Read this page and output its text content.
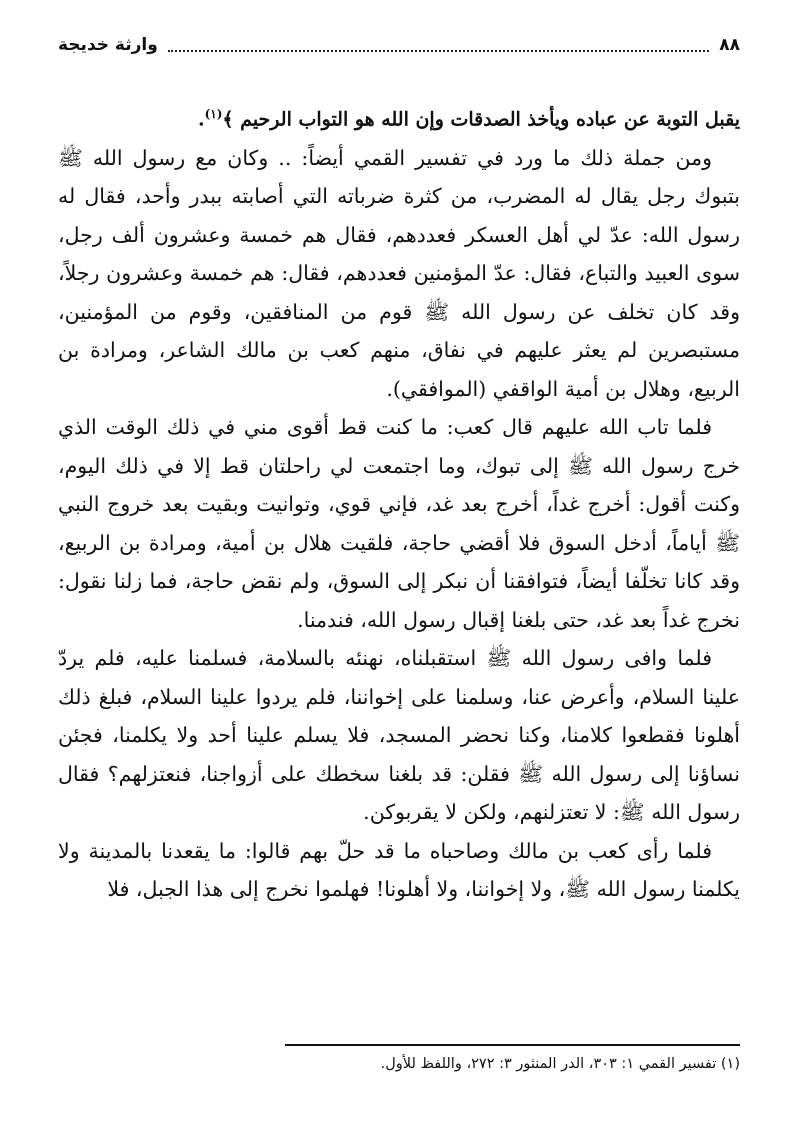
٨٨
وارثة خديجة

يقبل التوبة عن عباده ويأخذ الصدقات وإن الله هو التواب الرحيم ﴾$^{(١)}$.

ومن جملة ذلك ما ورد في تفسير القمي أيضاً: .. وكان مع رسول الله ﷺ بتبوك رجل يقال له المضرب، من كثرة ضرباته التي أصابته ببدر وأحد، فقال له رسول الله: عدّ لي أهل العسكر فعددهم، فقال هم خمسة وعشرون ألف رجل، سوى العبيد والتباع، فقال: عدّ المؤمنين فعددهم، فقال: هم خمسة وعشرون رجلاً، وقد كان تخلف عن رسول الله ﷺ قوم من المنافقين، وقوم من المؤمنين، مستبصرين لم يعثر عليهم في نفاق، منهم كعب بن مالك الشاعر، ومرادة بن الربيع، وهلال بن أمية الواقفي (الموافقي).

فلما تاب الله عليهم قال كعب: ما كنت قط أقوى مني في ذلك الوقت الذي خرج رسول الله ﷺ إلى تبوك، وما اجتمعت لي راحلتان قط إلا في ذلك اليوم، وكنت أقول: أخرج غداً، أخرج بعد غد، فإني قوي، وتوانيت وبقيت بعد خروج النبي ﷺ أياماً، أدخل السوق فلا أقضي حاجة، فلقيت هلال بن أمية، ومرادة بن الربيع، وقد كانا تخلّفا أيضاً، فتوافقنا أن نبكر إلى السوق، ولم نقض حاجة، فما زلنا نقول: نخرج غداً بعد غد، حتى بلغنا إقبال رسول الله، فندمنا.

فلما وافى رسول الله ﷺ استقبلناه، نهنئه بالسلامة، فسلمنا عليه، فلم يردّ علينا السلام، وأعرض عنا، وسلمنا على إخواننا، فلم يردوا علينا السلام، فبلغ ذلك أهلونا فقطعوا كلامنا، وكنا نحضر المسجد، فلا يسلم علينا أحد ولا يكلمنا، فجئن نساؤنا إلى رسول الله ﷺ فقلن: قد بلغنا سخطك على أزواجنا، فنعتزلهم؟ فقال رسول الله ﷺ: لا تعتزلنهم، ولكن لا يقربوكن.

فلما رأى كعب بن مالك وصاحباه ما قد حلّ بهم قالوا: ما يقعدنا بالمدينة ولا يكلمنا رسول الله ﷺ، ولا إخواننا، ولا أهلونا! فهلموا نخرج إلى هذا الجبل، فلا

(١) تفسير القمي ١: ٣٠٣، الدر المنثور ٣: ٢٧٢، واللفظ للأول.
